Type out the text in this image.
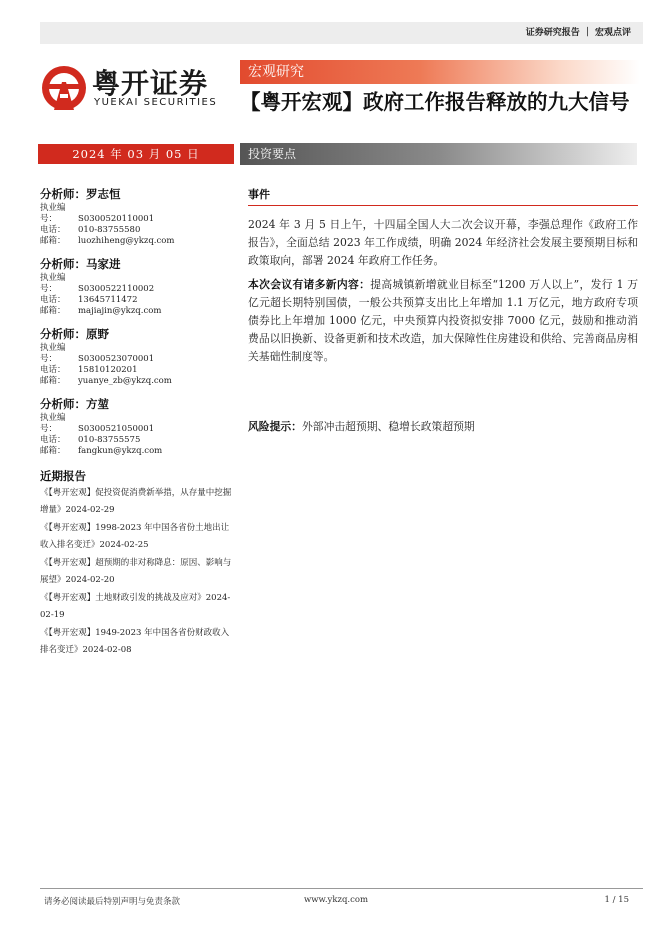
证券研究报告 ｜ 宏观点评
粤开证券
YUEKAI SECURITIES
宏观研究
【粤开宏观】政府工作报告释放的九大信号
2024 年 03 月 05 日	投资要点
分析师：罗志恒
执业编号： S0300520110001
电话： 010-83755580
邮箱： luozhiheng@ykzq.com
分析师：马家进
执业编号： S0300522110002
电话： 13645711472
邮箱： majiajin@ykzq.com
分析师：原野
执业编号： S0300523070001
电话： 15810120201
邮箱： yuanye_zb@ykzq.com
分析师：方堃
执业编号： S0300521050001
电话： 010-83755575
邮箱： fangkun@ykzq.com
近期报告
《【粤开宏观】促投资促消费新举措，从存量中挖掘增量》2024-02-29
《【粤开宏观】1998-2023 年中国各省份土地出让收入排名变迁》2024-02-25
《【粤开宏观】超预期的非对称降息：原因、影响与展望》2024-02-20
《【粤开宏观】土地财政引发的挑战及应对》2024-02-19
《【粤开宏观】1949-2023 年中国各省份财政收入排名变迁》2024-02-08
事件

2024 年 3 月 5 日上午，十四届全国人大二次会议开幕，李强总理作《政府工作报告》，全面总结 2023 年工作成绩，明确 2024 年经济社会发展主要预期目标和政策取向，部署 2024 年政府工作任务。

本次会议有诸多新内容：提高城镇新增就业目标至“1200 万人以上”，发行 1 万亿元超长期特别国债，一般公共预算支出比上年增加 1.1 万亿元，地方政府专项债券比上年增加 1000 亿元，中央预算内投资拟安排 7000 亿元，鼓励和推动消费品以旧换新、设备更新和技术改造，加大保障性住房建设和供给、完善商品房相关基础性制度等。

风险提示：外部冲击超预期、稳增长政策超预期

请务必阅读最后特别声明与免责条款	www.ykzq.com	1 / 15
